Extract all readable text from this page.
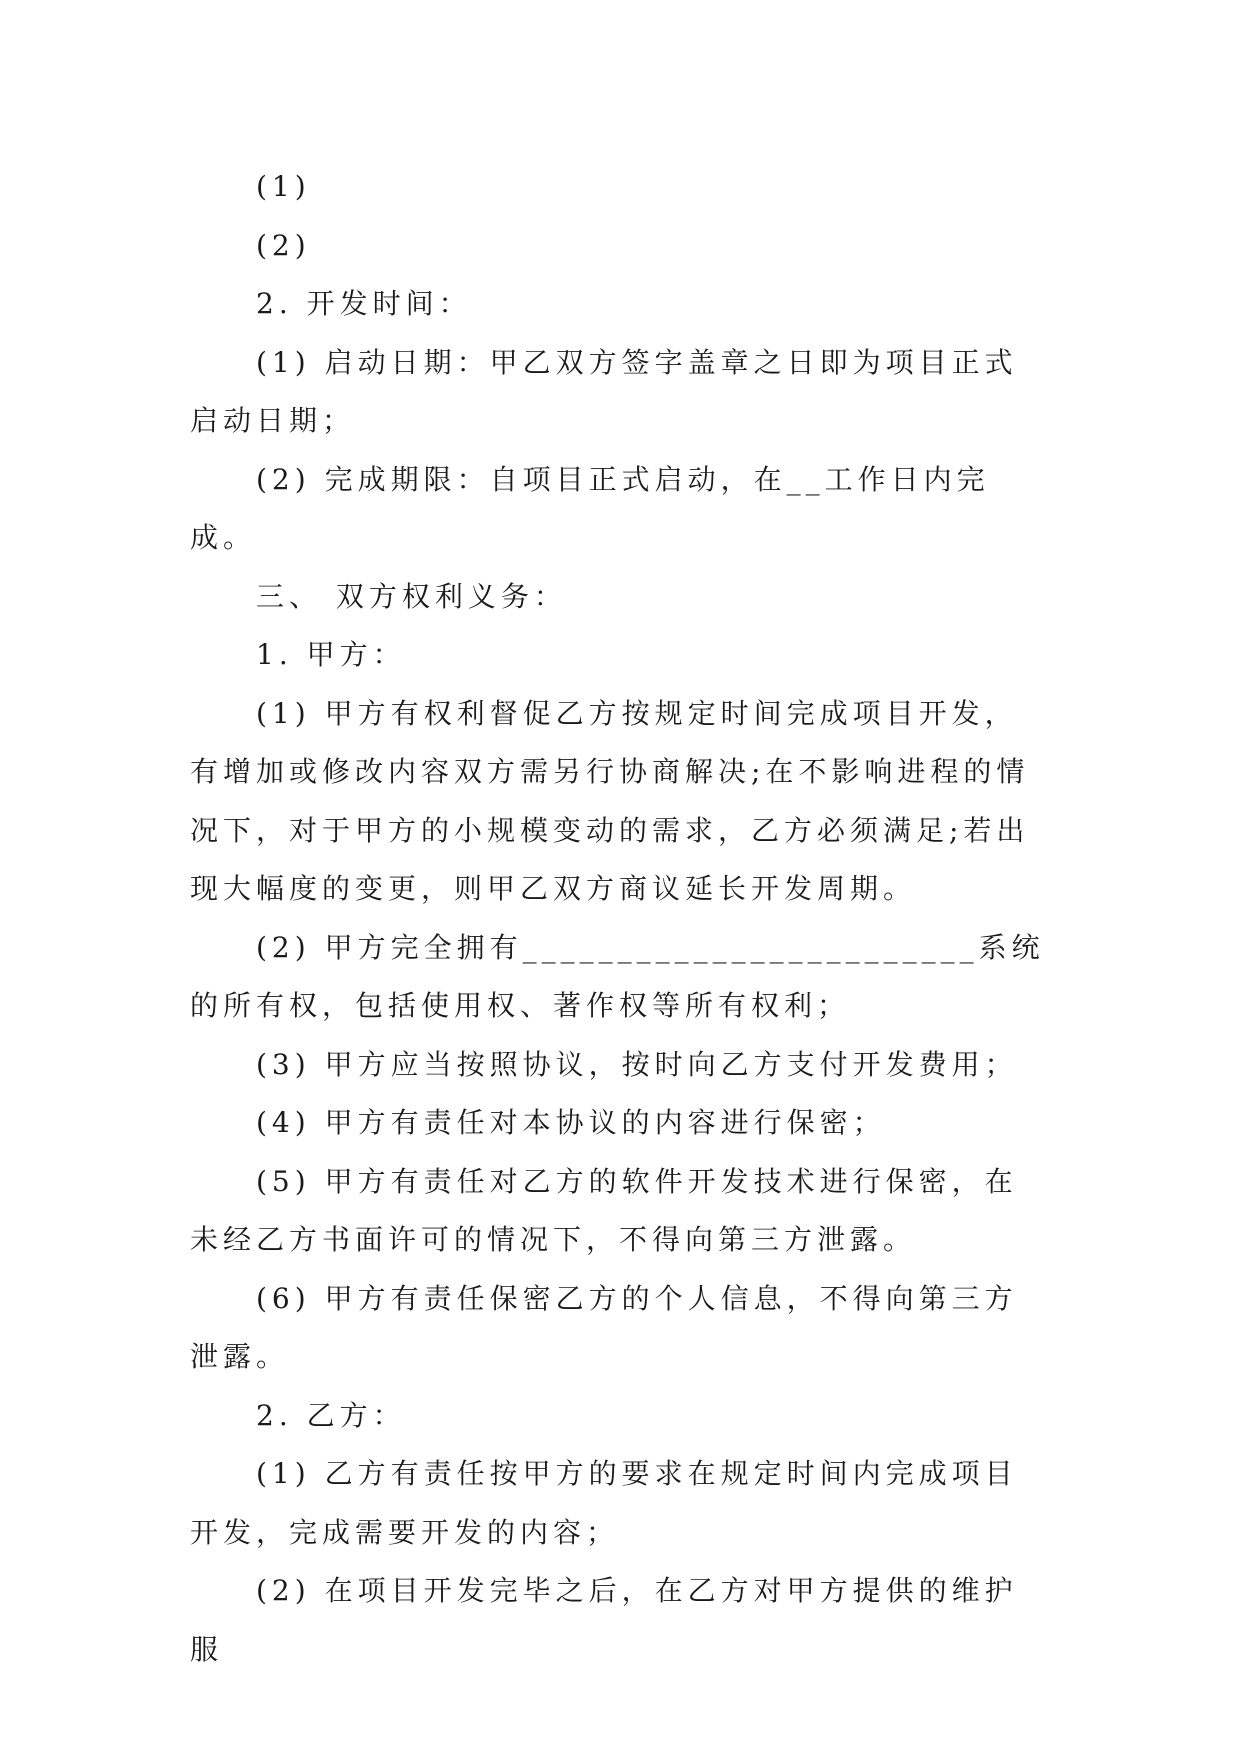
(1)

(2)

2. 开发时间：

(1) 启动日期：甲乙双方签字盖章之日即为项目正式启动日期；

(2) 完成期限：自项目正式启动，在__工作日内完成。

三、 双方权利义务：

1. 甲方：

(1) 甲方有权利督促乙方按规定时间完成项目开发，有增加或修改内容双方需另行协商解决;在不影响进程的情况下，对于甲方的小规模变动的需求，乙方必须满足;若出现大幅度的变更，则甲乙双方商议延长开发周期。

(2) 甲方完全拥有________________________系统的所有权，包括使用权、著作权等所有权利；

(3) 甲方应当按照协议，按时向乙方支付开发费用；

(4) 甲方有责任对本协议的内容进行保密；

(5) 甲方有责任对乙方的软件开发技术进行保密，在未经乙方书面许可的情况下，不得向第三方泄露。

(6) 甲方有责任保密乙方的个人信息，不得向第三方泄露。

2. 乙方：

(1) 乙方有责任按甲方的要求在规定时间内完成项目开发，完成需要开发的内容；

(2) 在项目开发完毕之后，在乙方对甲方提供的维护服
